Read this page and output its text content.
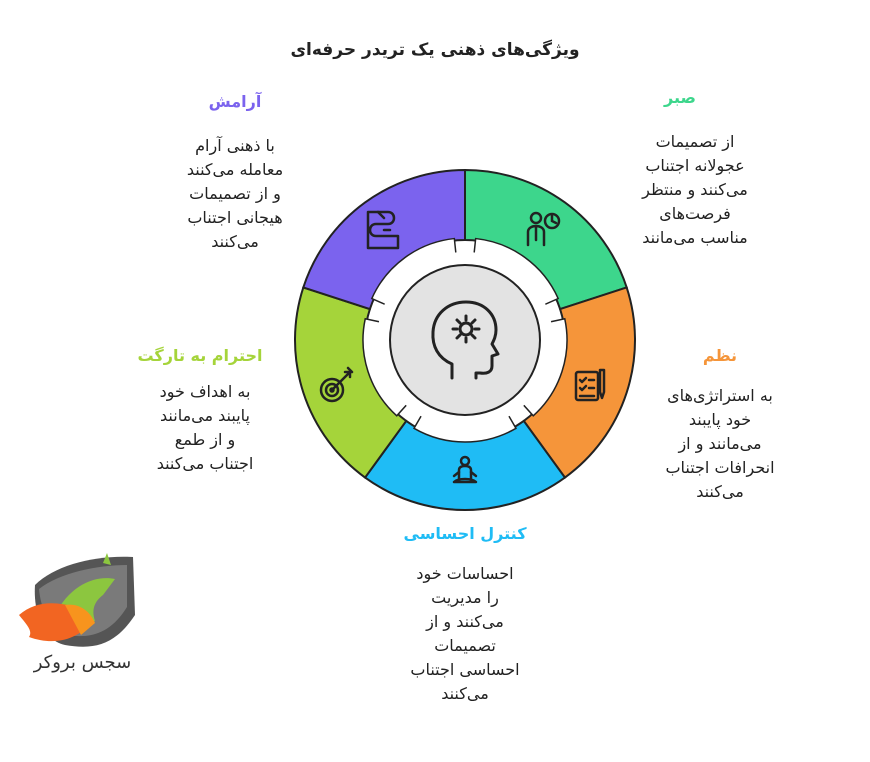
ویژگی‌های ذهنی یک تریدر حرفه‌ای
صبر
از تصمیمات
عجولانه اجتناب
می‌کنند و منتظر
فرصت‌های
مناسب می‌مانند
نظم
به استراتژی‌های
خود پایبند
می‌مانند و از
انحرافات اجتناب
می‌کنند
کنترل احساسی
احساسات خود
را مدیریت
می‌کنند و از
تصمیمات
احساسی اجتناب
می‌کنند
احترام به تارگت
به اهداف خود
پایبند می‌مانند
و از طمع
اجتناب می‌کنند
آرامش
با ذهنی آرام
معامله می‌کنند
و از تصمیمات
هیجانی اجتناب
می‌کنند
سجس بروکر
